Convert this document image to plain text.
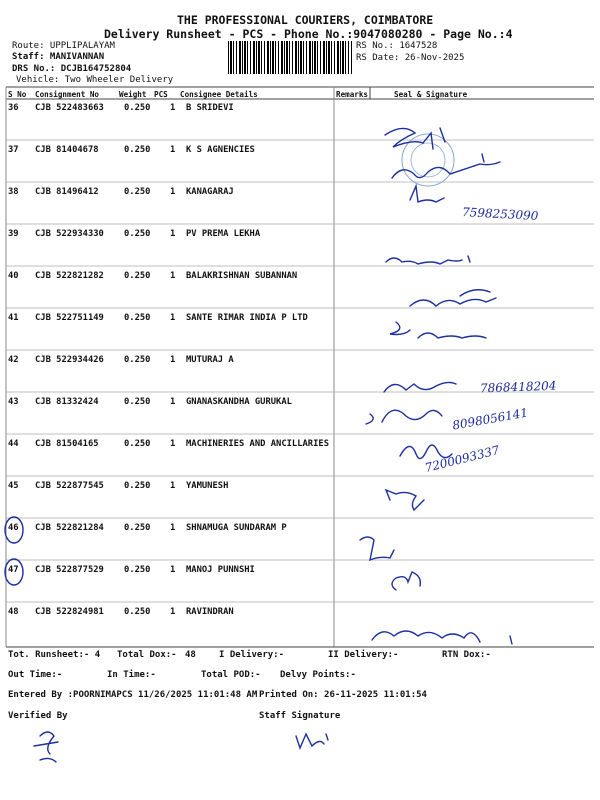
THE PROFESSIONAL COURIERS, COIMBATORE
Delivery Runsheet - PCS - Phone No.:9047080280 - Page No.:4
Route: UPPLIPALAYAM
Staff: MANIVANNAN
DRS No.: DCJB164752804
Vehicle: Two Wheeler Delivery
RS No.: 1647528
RS Date: 26-Nov-2025
S No Consignment No	Weight PCS Consignee Details	Remarks	Seal & Signature
36 CJB 522483663 0.250 1 B SRIDEVI
37 CJB 81404678	0.250 1 K S AGNENCIES
38 CJB 81496412	0.250 1 KANAGARAJ
39 CJB 522934330 0.250 1 PV PREMA LEKHA
40 CJB 522821282 0.250 1 BALAKRISHNAN SUBANNAN
41 CJB 522751149 0.250 1 SANTE RIMAR INDIA P LTD
42 CJB 522934426 0.250 1 MUTURAJ A
43 CJB 81332424	0.250 1 GNANASKANDHA GURUKAL
44 CJB 81504165	0.250 1 MACHINERIES AND ANCILLARIES
45 CJB 522877545 0.250 1 YAMUNESH
46 CJB 522821284 0.250 1 SHNAMUGA SUNDARAM P
47 CJB 522877529 0.250 1 MANOJ PUNNSHI
48 CJB 522824981 0.250 1 RAVINDRAN
7598253090
7868418204
8098056141
7200093337
Tot. Runsheet:- 4 Total Dox:- 48	I Delivery:-	II Delivery:-	RTN Dox:-
Out Time:-	In Time:-	Total POD:- Delvy Points:-
Entered By :POORNIMAPCS 11/26/2025 11:01:48 AM Printed On: 26-11-2025 11:01:54
Verified By	Staff Signature
